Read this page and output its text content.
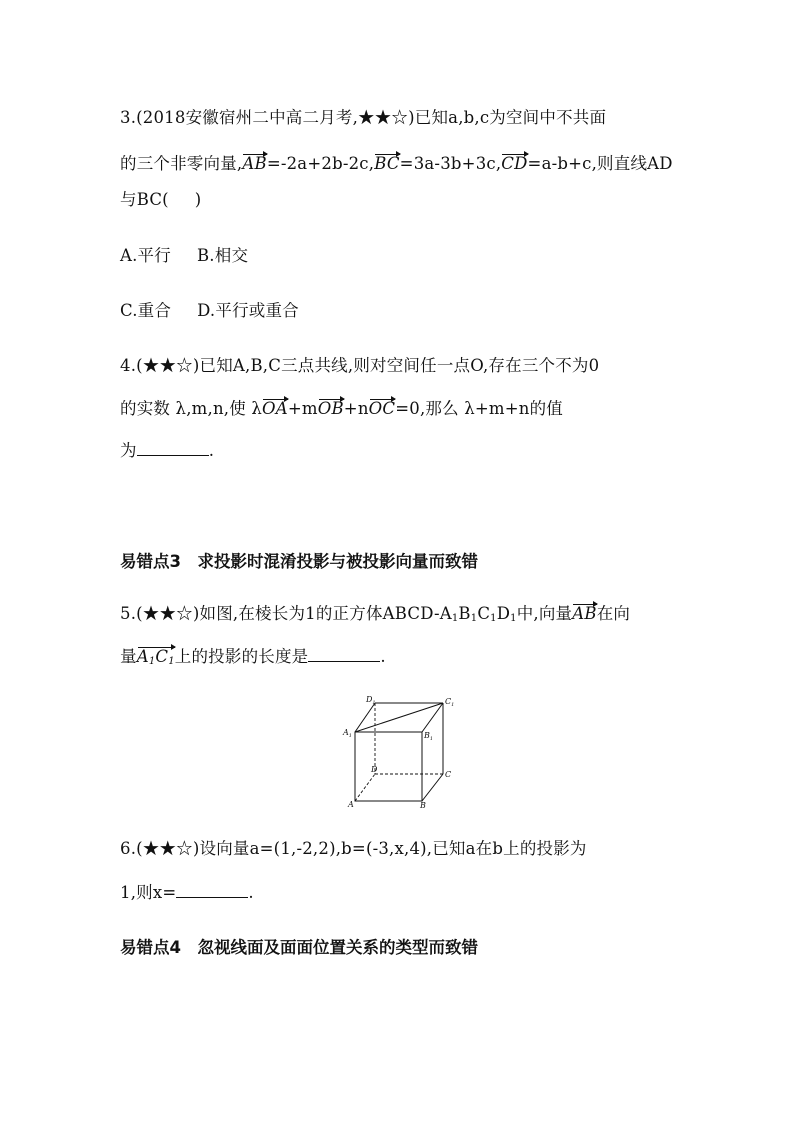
3.(2018安徽宿州二中高二月考,★★☆)已知a,b,c为空间中不共面
的三个非零向量,AB=-2a+2b-2c,BC=3a-3b+3c,CD=a-b+c,则直线AD
与BC( )
A.平行 B.相交
C.重合 D.平行或重合
4.(★★☆)已知A,B,C三点共线,则对空间任一点O,存在三个不为0
的实数 λ,m,n,使 λOA+mOB+nOC=0,那么 λ+m+n的值
为	.
易错点3　求投影时混淆投影与被投影向量而致错
5.(★★☆)如图,在棱长为1的正方体ABCD-$A_1B_1C_1D_1$中,向量AB在向
量$A_1C_1$上的投影的长度是	.
$D_1$	$C_1$
$A_1$	$B_1$
D
C
A	B
6.(★★☆)设向量a=(1,-2,2),b=(-3,x,4),已知a在b上的投影为
1,则x=	.
易错点4　忽视线面及面面位置关系的类型而致错
